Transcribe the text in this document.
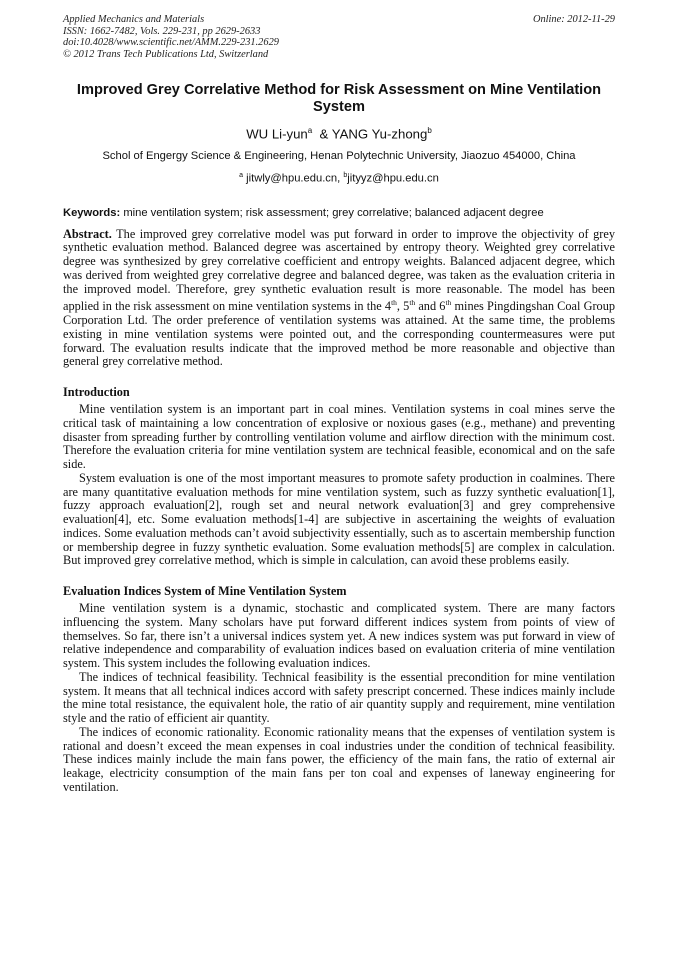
Applied Mechanics and Materials	Online: 2012-11-29
ISSN: 1662-7482, Vols. 229-231, pp 2629-2633
doi:10.4028/www.scientific.net/AMM.229-231.2629
© 2012 Trans Tech Publications Ltd, Switzerland
Improved Grey Correlative Method for Risk Assessment on Mine Ventilation System
WU Li-yun$^a$ & YANG Yu-zhong$^b$
Schol of Engergy Science & Engineering, Henan Polytechnic University, Jiaozuo 454000, China
$^a$ jitwly@hpu.edu.cn, $^b$jityyz@hpu.edu.cn
Keywords: mine ventilation system; risk assessment; grey correlative; balanced adjacent degree

Abstract. The improved grey correlative model was put forward in order to improve the objectivity of grey synthetic evaluation method. Balanced degree was ascertained by entropy theory. Weighted grey correlative degree was synthesized by grey correlative coefficient and entropy weights. Balanced adjacent degree, which was derived from weighted grey correlative degree and balanced degree, was taken as the evaluation criteria in the improved model. Therefore, grey synthetic evaluation result is more reasonable. The model has been applied in the risk assessment on mine ventilation systems in the 4th, 5th and 6th mines Pingdingshan Coal Group Corporation Ltd. The order preference of ventilation systems was attained. At the same time, the problems existing in mine ventilation systems were pointed out, and the corresponding countermeasures were put forward. The evaluation results indicate that the improved method be more reasonable and objective than general grey correlative method.

Introduction

Mine ventilation system is an important part in coal mines. Ventilation systems in coal mines serve the critical task of maintaining a low concentration of explosive or noxious gases (e.g., methane) and preventing disaster from spreading further by controlling ventilation volume and airflow direction with the minimum cost. Therefore the evaluation criteria for mine ventilation system are technical feasible, economical and on the safe side.

System evaluation is one of the most important measures to promote safety production in coalmines. There are many quantitative evaluation methods for mine ventilation system, such as fuzzy synthetic evaluation[1], fuzzy approach evaluation[2], rough set and neural network evaluation[3] and grey comprehensive evaluation[4], etc. Some evaluation methods[1-4] are subjective in ascertaining the weights of evaluation indices. Some evaluation methods can’t avoid subjectivity essentially, such as to ascertain membership function or membership degree in fuzzy synthetic evaluation. Some evaluation methods[5] are complex in calculation. But improved grey correlative method, which is simple in calculation, can avoid these problems easily.

Evaluation Indices System of Mine Ventilation System

Mine ventilation system is a dynamic, stochastic and complicated system. There are many factors influencing the system. Many scholars have put forward different indices system from points of view of themselves. So far, there isn’t a universal indices system yet. A new indices system was put forward in view of relative independence and comparability of evaluation indices based on evaluation criteria of mine ventilation system. This system includes the following evaluation indices.

The indices of technical feasibility. Technical feasibility is the essential precondition for mine ventilation system. It means that all technical indices accord with safety prescript concerned. These indices mainly include the mine total resistance, the equivalent hole, the ratio of air quantity supply and requirement, mine ventilation style and the ratio of efficient air quantity.

The indices of economic rationality. Economic rationality means that the expenses of ventilation system is rational and doesn’t exceed the mean expenses in coal industries under the condition of technical feasibility. These indices mainly include the main fans power, the efficiency of the main fans, the ratio of external air leakage, electricity consumption of the main fans per ton coal and expenses of laneway engineering for ventilation.
